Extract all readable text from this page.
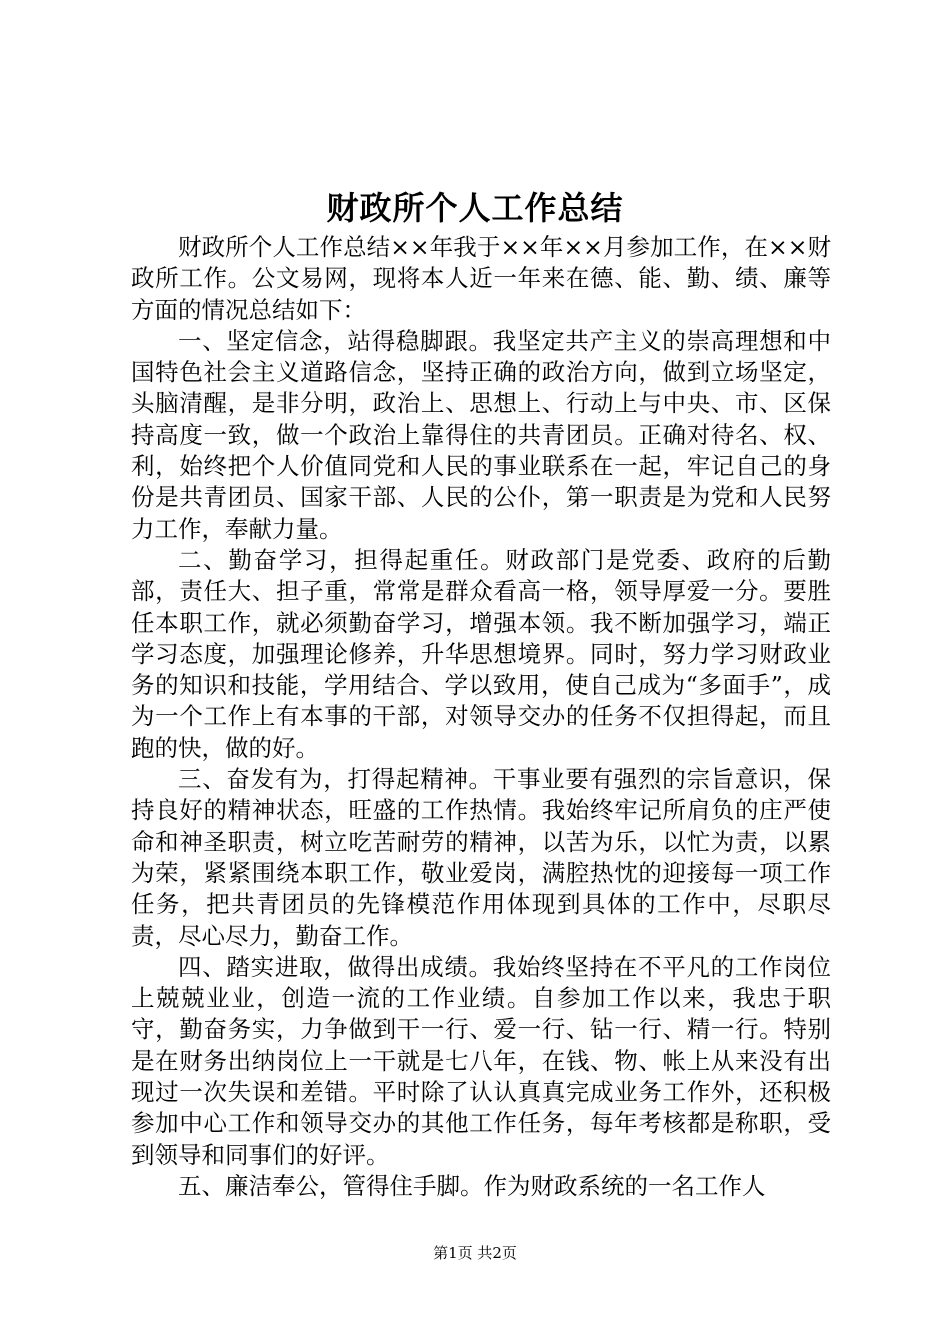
财政所个人工作总结

财政所个人工作总结××年我于××年××月参加工作，在××财政所工作。公文易网，现将本人近一年来在德、能、勤、绩、廉等方面的情况总结如下：

一、坚定信念，站得稳脚跟。我坚定共产主义的崇高理想和中国特色社会主义道路信念，坚持正确的政治方向，做到立场坚定，头脑清醒，是非分明，政治上、思想上、行动上与中央、市、区保持高度一致，做一个政治上靠得住的共青团员。正确对待名、权、利，始终把个人价值同党和人民的事业联系在一起，牢记自己的身份是共青团员、国家干部、人民的公仆，第一职责是为党和人民努力工作，奉献力量。

二、勤奋学习，担得起重任。财政部门是党委、政府的后勤部，责任大、担子重，常常是群众看高一格，领导厚爱一分。要胜任本职工作，就必须勤奋学习，增强本领。我不断加强学习，端正学习态度，加强理论修养，升华思想境界。同时，努力学习财政业务的知识和技能，学用结合、学以致用，使自己成为“多面手”，成为一个工作上有本事的干部，对领导交办的任务不仅担得起，而且跑的快，做的好。

三、奋发有为，打得起精神。干事业要有强烈的宗旨意识，保持良好的精神状态，旺盛的工作热情。我始终牢记所肩负的庄严使命和神圣职责，树立吃苦耐劳的精神，以苦为乐，以忙为责，以累为荣，紧紧围绕本职工作，敬业爱岗，满腔热忱的迎接每一项工作任务，把共青团员的先锋模范作用体现到具体的工作中，尽职尽责，尽心尽力，勤奋工作。

四、踏实进取，做得出成绩。我始终坚持在不平凡的工作岗位上兢兢业业，创造一流的工作业绩。自参加工作以来，我忠于职守，勤奋务实，力争做到干一行、爱一行、钻一行、精一行。特别是在财务出纳岗位上一干就是七八年，在钱、物、帐上从来没有出现过一次失误和差错。平时除了认认真真完成业务工作外，还积极参加中心工作和领导交办的其他工作任务，每年考核都是称职，受到领导和同事们的好评。

五、廉洁奉公，管得住手脚。作为财政系统的一名工作人

第1页 共2页
